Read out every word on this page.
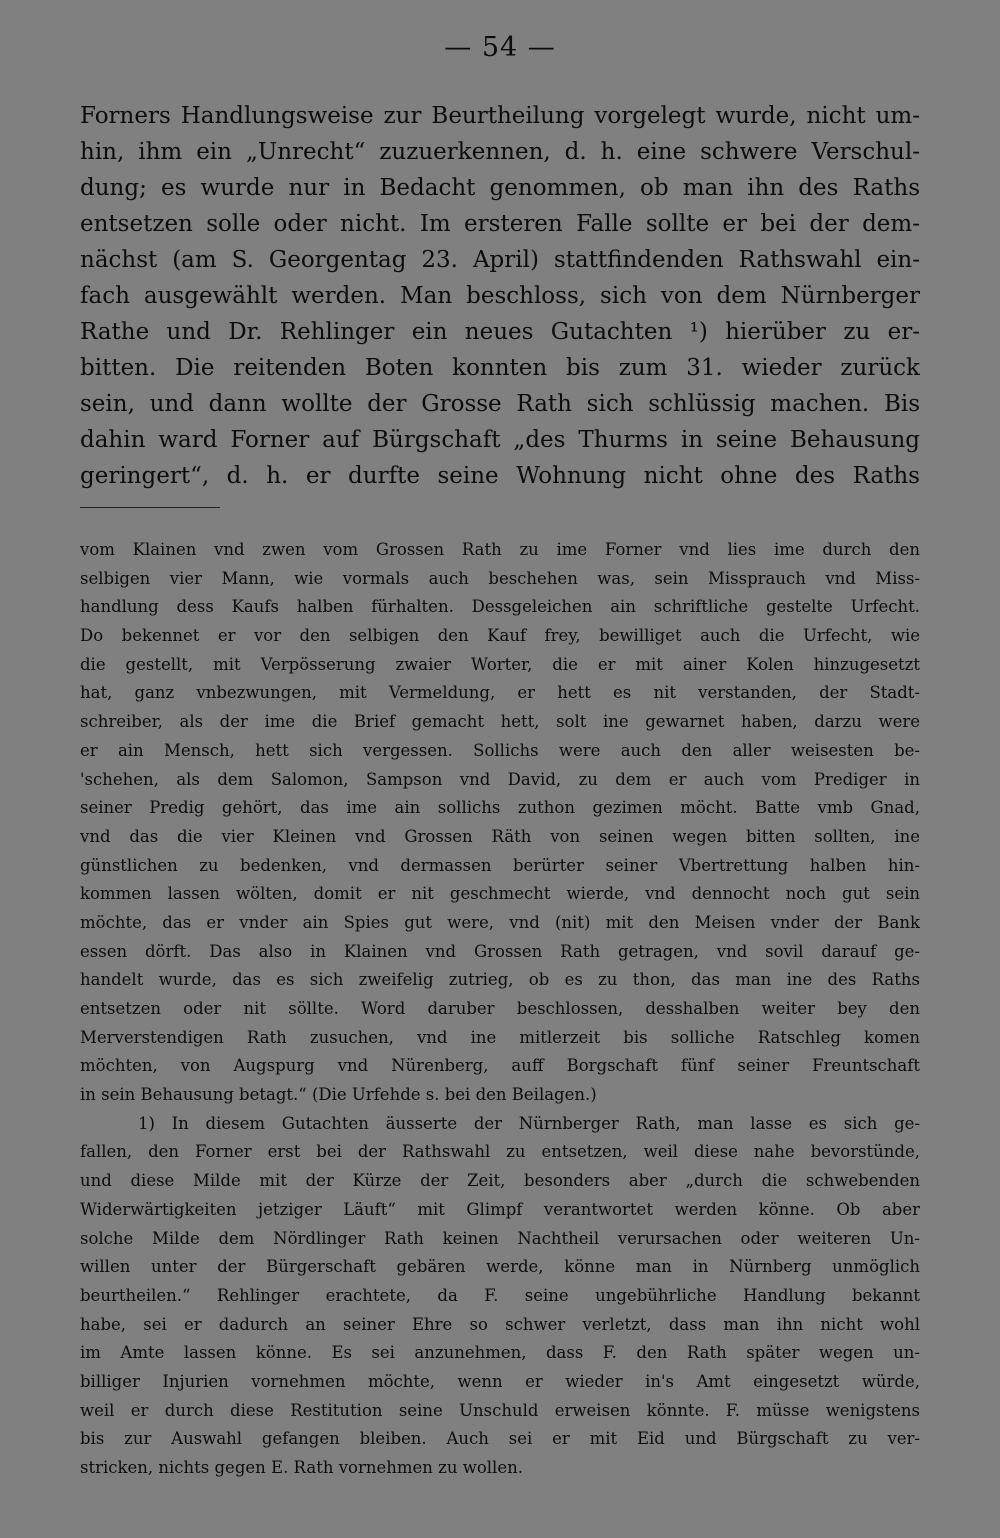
— 54 —
Forners Handlungsweise zur Beurtheilung vorgelegt wurde, nicht um-
hin, ihm ein „Unrecht“ zuzuerkennen, d. h. eine schwere Verschul-
dung; es wurde nur in Bedacht genommen, ob man ihn des Raths
entsetzen solle oder nicht. Im ersteren Falle sollte er bei der dem-
nächst (am S. Georgentag 23. April) stattfindenden Rathswahl ein-
fach ausgewählt werden. Man beschloss, sich von dem Nürnberger
Rathe und Dr. Rehlinger ein neues Gutachten ¹) hierüber zu er-
bitten. Die reitenden Boten konnten bis zum 31. wieder zurück
sein, und dann wollte der Grosse Rath sich schlüssig machen. Bis
dahin ward Forner auf Bürgschaft „des Thurms in seine Behausung
geringert“, d. h. er durfte seine Wohnung nicht ohne des Raths
vom Klainen vnd zwen vom Grossen Rath zu ime Forner vnd lies ime durch den
selbigen vier Mann, wie vormals auch beschehen was, sein Missprauch vnd Miss-
handlung dess Kaufs halben fürhalten. Dessgeleichen ain schriftliche gestelte Urfecht.
Do bekennet er vor den selbigen den Kauf frey, bewilliget auch die Urfecht, wie
die gestellt, mit Verpösserung zwaier Worter, die er mit ainer Kolen hinzugesetzt
hat, ganz vnbezwungen, mit Vermeldung, er hett es nit verstanden, der Stadt-
schreiber, als der ime die Brief gemacht hett, solt ine gewarnet haben, darzu were
er ain Mensch, hett sich vergessen. Sollichs were auch den aller weisesten be-
'schehen, als dem Salomon, Sampson vnd David, zu dem er auch vom Prediger in
seiner Predig gehört, das ime ain sollichs zuthon gezimen möcht. Batte vmb Gnad,
vnd das die vier Kleinen vnd Grossen Räth von seinen wegen bitten sollten, ine
günstlichen zu bedenken, vnd dermassen berürter seiner Vbertrettung halben hin-
kommen lassen wölten, domit er nit geschmecht wierde, vnd dennocht noch gut sein
möchte, das er vnder ain Spies gut were, vnd (nit) mit den Meisen vnder der Bank
essen dörft. Das also in Klainen vnd Grossen Rath getragen, vnd sovil darauf ge-
handelt wurde, das es sich zweifelig zutrieg, ob es zu thon, das man ine des Raths
entsetzen oder nit söllte. Word daruber beschlossen, desshalben weiter bey den
Merverstendigen Rath zusuchen, vnd ine mitlerzeit bis solliche Ratschleg komen
möchten, von Augspurg vnd Nürenberg, auff Borgschaft fünf seiner Freuntschaft
in sein Behausung betagt.“ (Die Urfehde s. bei den Beilagen.)
1) In diesem Gutachten äusserte der Nürnberger Rath, man lasse es sich ge-
fallen, den Forner erst bei der Rathswahl zu entsetzen, weil diese nahe bevorstünde,
und diese Milde mit der Kürze der Zeit, besonders aber „durch die schwebenden
Widerwärtigkeiten jetziger Läuft“ mit Glimpf verantwortet werden könne. Ob aber
solche Milde dem Nördlinger Rath keinen Nachtheil verursachen oder weiteren Un-
willen unter der Bürgerschaft gebären werde, könne man in Nürnberg unmöglich
beurtheilen.“ Rehlinger erachtete, da F. seine ungebührliche Handlung bekannt
habe, sei er dadurch an seiner Ehre so schwer verletzt, dass man ihn nicht wohl
im Amte lassen könne. Es sei anzunehmen, dass F. den Rath später wegen un-
billiger Injurien vornehmen möchte, wenn er wieder in's Amt eingesetzt würde,
weil er durch diese Restitution seine Unschuld erweisen könnte. F. müsse wenigstens
bis zur Auswahl gefangen bleiben. Auch sei er mit Eid und Bürgschaft zu ver-
stricken, nichts gegen E. Rath vornehmen zu wollen.
